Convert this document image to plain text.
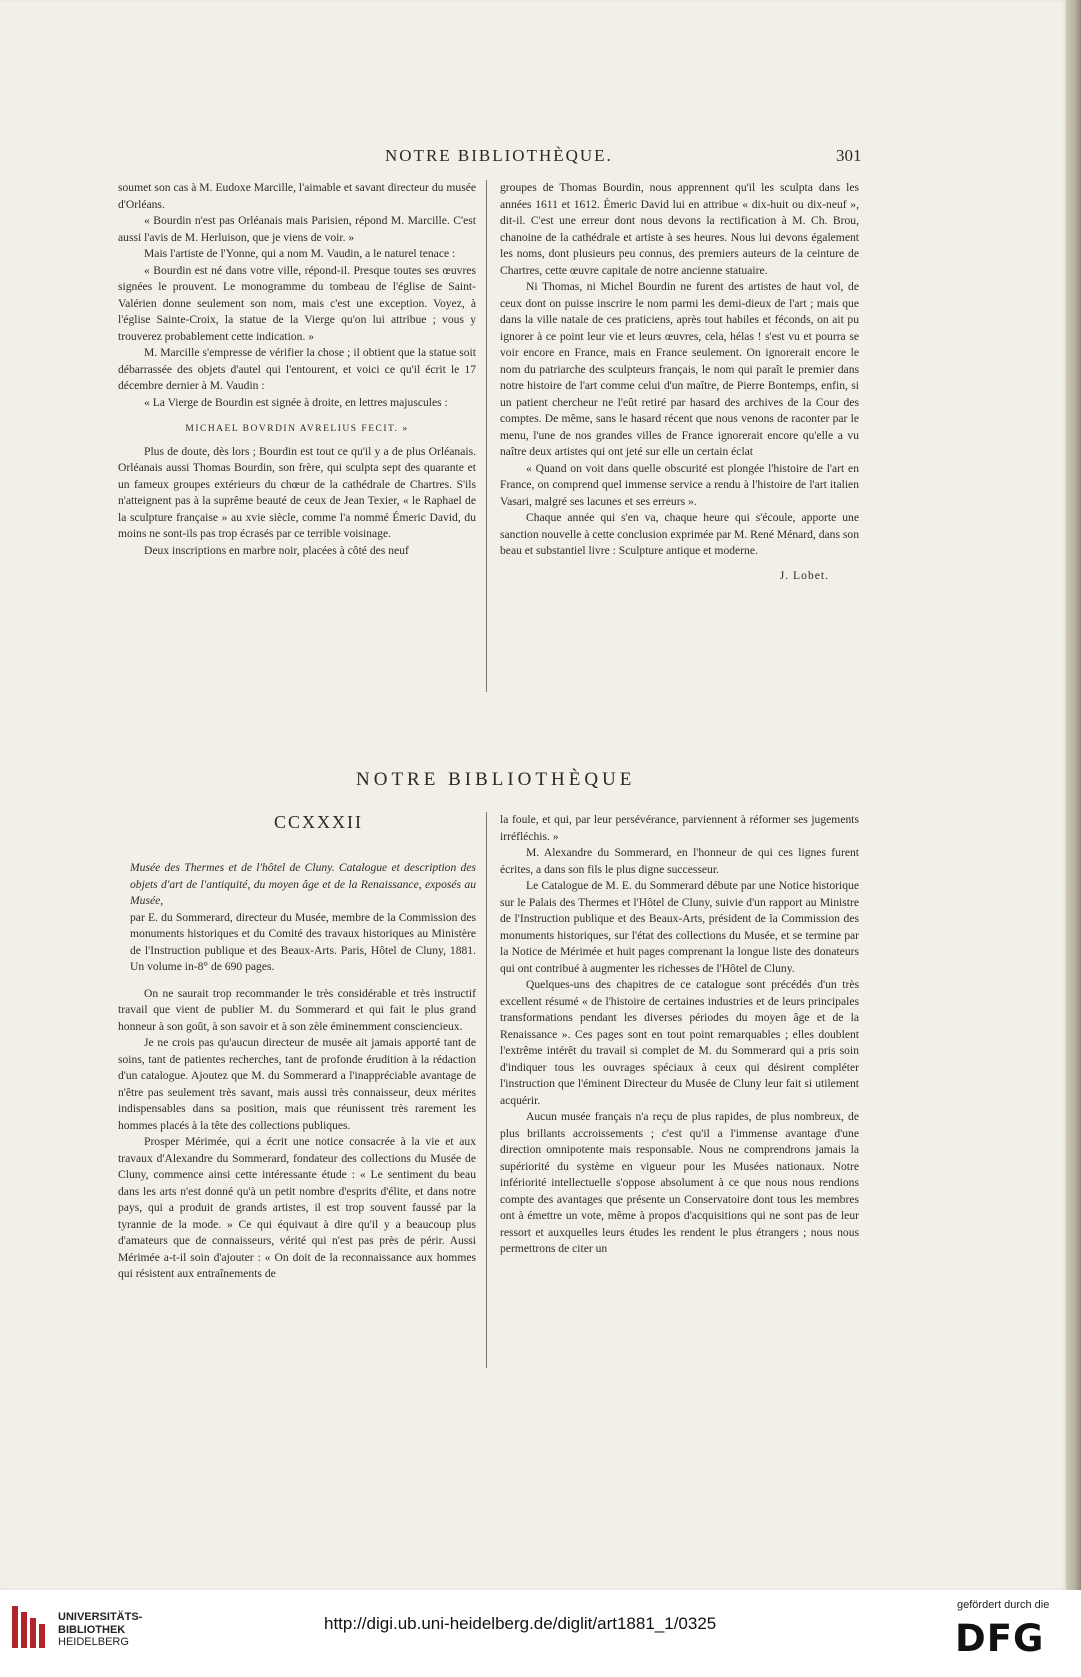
NOTRE BIBLIOTHÈQUE.	301

soumet son cas à M. Eudoxe Marcille, l'aimable et savant directeur du musée d'Orléans.

« Bourdin n'est pas Orléanais mais Parisien, répond M. Marcille. C'est aussi l'avis de M. Herluison, que je viens de voir. »

Mais l'artiste de l'Yonne, qui a nom M. Vaudin, a le naturel tenace :

« Bourdin est né dans votre ville, répond-il. Presque toutes ses œuvres signées le prouvent. Le monogramme du tombeau de l'église de Saint-Valérien donne seulement son nom, mais c'est une exception. Voyez, à l'église Sainte-Croix, la statue de la Vierge qu'on lui attribue ; vous y trouverez probablement cette indication. »

M. Marcille s'empresse de vérifier la chose ; il obtient que la statue soit débarrassée des objets d'autel qui l'entourent, et voici ce qu'il écrit le 17 décembre dernier à M. Vaudin :

« La Vierge de Bourdin est signée à droite, en lettres majuscules :

MICHAEL BOVRDIN AVRELIUS FECIT. »

Plus de doute, dès lors ; Bourdin est tout ce qu'il y a de plus Orléanais. Orléanais aussi Thomas Bourdin, son frère, qui sculpta sept des quarante et un fameux groupes extérieurs du chœur de la cathédrale de Chartres. S'ils n'atteignent pas à la suprême beauté de ceux de Jean Texier, « le Raphael de la sculpture française » au xvie siècle, comme l'a nommé Émeric David, du moins ne sont-ils pas trop écrasés par ce terrible voisinage.

Deux inscriptions en marbre noir, placées à côté des neuf

groupes de Thomas Bourdin, nous apprennent qu'il les sculpta dans les années 1611 et 1612. Émeric David lui en attribue « dix-huit ou dix-neuf », dit-il. C'est une erreur dont nous devons la rectification à M. Ch. Brou, chanoine de la cathédrale et artiste à ses heures. Nous lui devons également les noms, dont plusieurs peu connus, des premiers auteurs de la ceinture de Chartres, cette œuvre capitale de notre ancienne statuaire.

Ni Thomas, ni Michel Bourdin ne furent des artistes de haut vol, de ceux dont on puisse inscrire le nom parmi les demi-dieux de l'art ; mais que dans la ville natale de ces praticiens, après tout habiles et féconds, on ait pu ignorer à ce point leur vie et leurs œuvres, cela, hélas ! s'est vu et pourra se voir encore en France, mais en France seulement. On ignorerait encore le nom du patriarche des sculpteurs français, le nom qui paraît le premier dans notre histoire de l'art comme celui d'un maître, de Pierre Bontemps, enfin, si un patient chercheur ne l'eût retiré par hasard des archives de la Cour des comptes. De même, sans le hasard récent que nous venons de raconter par le menu, l'une de nos grandes villes de France ignorerait encore qu'elle a vu naître deux artistes qui ont jeté sur elle un certain éclat

« Quand on voit dans quelle obscurité est plongée l'histoire de l'art en France, on comprend quel immense service a rendu à l'histoire de l'art italien Vasari, malgré ses lacunes et ses erreurs ».

Chaque année qui s'en va, chaque heure qui s'écoule, apporte une sanction nouvelle à cette conclusion exprimée par M. René Ménard, dans son beau et substantiel livre : Sculpture antique et moderne.

J. Lobet.

NOTRE BIBLIOTHÈQUE
CCXXXII

Musée des Thermes et de l'hôtel de Cluny. Catalogue et description des objets d'art de l'antiquité, du moyen âge et de la Renaissance, exposés au Musée,

par E. du Sommerard, directeur du Musée, membre de la Commission des monuments historiques et du Comité des travaux historiques au Ministère de l'Instruction publique et des Beaux-Arts. Paris, Hôtel de Cluny, 1881. Un volume in-8° de 690 pages.

On ne saurait trop recommander le très considérable et très instructif travail que vient de publier M. du Sommerard et qui fait le plus grand honneur à son goût, à son savoir et à son zèle éminemment consciencieux.

Je ne crois pas qu'aucun directeur de musée ait jamais apporté tant de soins, tant de patientes recherches, tant de profonde érudition à la rédaction d'un catalogue. Ajoutez que M. du Sommerard a l'inappréciable avantage de n'être pas seulement très savant, mais aussi très connaisseur, deux mérites indispensables dans sa position, mais que réunissent très rarement les hommes placés à la tête des collections publiques.

Prosper Mérimée, qui a écrit une notice consacrée à la vie et aux travaux d'Alexandre du Sommerard, fondateur des collections du Musée de Cluny, commence ainsi cette intéressante étude : « Le sentiment du beau dans les arts n'est donné qu'à un petit nombre d'esprits d'élite, et dans notre pays, qui a produit de grands artistes, il est trop souvent faussé par la tyrannie de la mode. » Ce qui équivaut à dire qu'il y a beaucoup plus d'amateurs que de connaisseurs, vérité qui n'est pas près de périr. Aussi Mérimée a-t-il soin d'ajouter : « On doit de la reconnaissance aux hommes qui résistent aux entraînements de

la foule, et qui, par leur persévérance, parviennent à réformer ses jugements irréfléchis. »

M. Alexandre du Sommerard, en l'honneur de qui ces lignes furent écrites, a dans son fils le plus digne successeur.

Le Catalogue de M. E. du Sommerard débute par une Notice historique sur le Palais des Thermes et l'Hôtel de Cluny, suivie d'un rapport au Ministre de l'Instruction publique et des Beaux-Arts, président de la Commission des monuments historiques, sur l'état des collections du Musée, et se termine par la Notice de Mérimée et huit pages comprenant la longue liste des donateurs qui ont contribué à augmenter les richesses de l'Hôtel de Cluny.

Quelques-uns des chapitres de ce catalogue sont précédés d'un très excellent résumé « de l'histoire de certaines industries et de leurs principales transformations pendant les diverses périodes du moyen âge et de la Renaissance ». Ces pages sont en tout point remarquables ; elles doublent l'extrême intérêt du travail si complet de M. du Sommerard qui a pris soin d'indiquer tous les ouvrages spéciaux à ceux qui désirent compléter l'instruction que l'éminent Directeur du Musée de Cluny leur fait si utilement acquérir.

Aucun musée français n'a reçu de plus rapides, de plus nombreux, de plus brillants accroissements ; c'est qu'il a l'immense avantage d'une direction omnipotente mais responsable. Nous ne comprendrons jamais la supériorité du système en vigueur pour les Musées nationaux. Notre infériorité intellectuelle s'oppose absolument à ce que nous nous rendions compte des avantages que présente un Conservatoire dont tous les membres ont à émettre un vote, même à propos d'acquisitions qui ne sont pas de leur ressort et auxquelles leurs études les rendent le plus étrangers ; nous nous permettrons de citer un

UNIVERSITÄTS-
BIBLIOTHEK
HEIDELBERG
http://digi.ub.uni-heidelberg.de/diglit/art1881_1/0325
gefördert durch die
DFG
